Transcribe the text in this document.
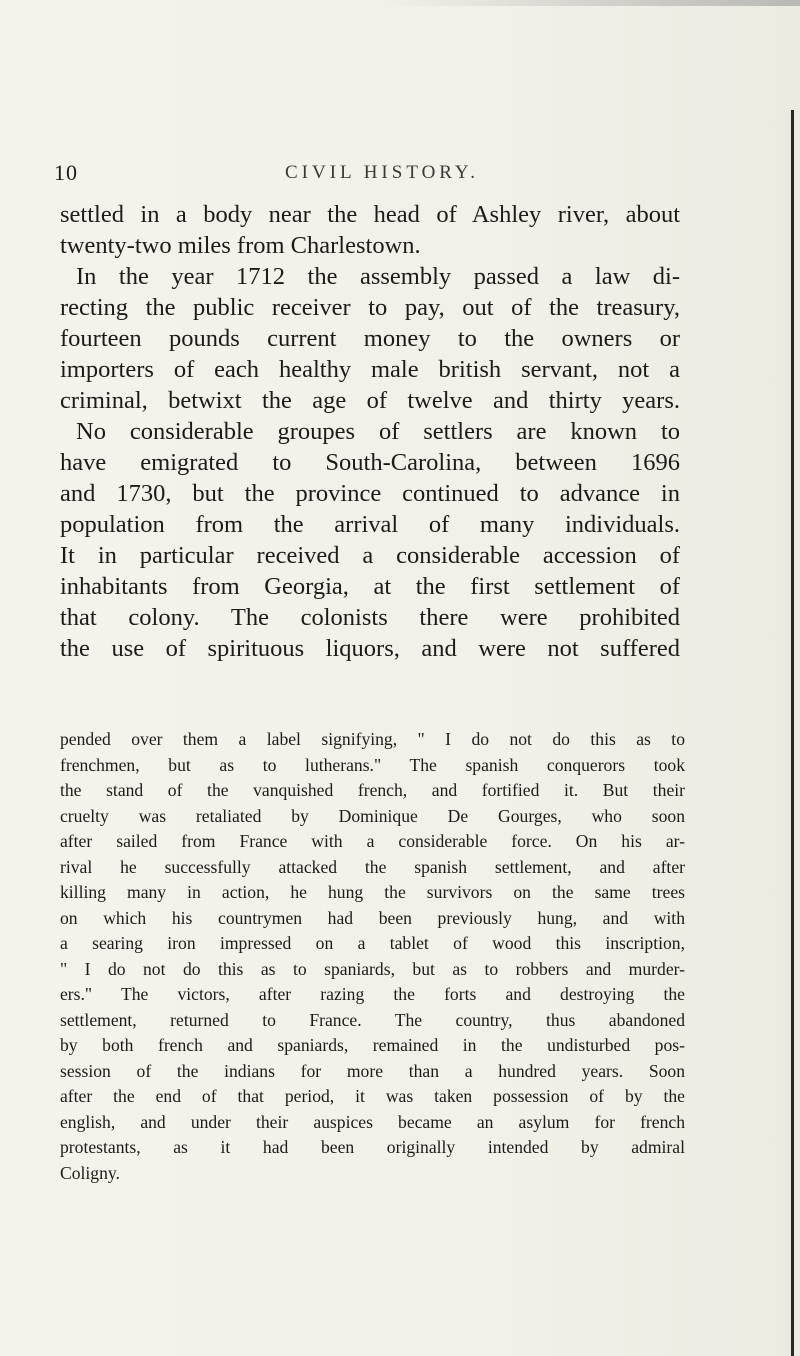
10	CIVIL HISTORY.
settled in a body near the head of Ashley river, about
twenty-two miles from Charlestown.
In the year 1712 the assembly passed a law di-
recting the public receiver to pay, out of the treasury,
fourteen pounds current money to the owners or
importers of each healthy male british servant, not a
criminal, betwixt the age of twelve and thirty years.
No considerable groupes of settlers are known to
have emigrated to South-Carolina, between 1696
and 1730, but the province continued to advance in
population from the arrival of many individuals.
It in particular received a considerable accession of
inhabitants from Georgia, at the first settlement of
that colony. The colonists there were prohibited
the use of spirituous liquors, and were not suffered
pended over them a label signifying, " I do not do this as to
frenchmen, but as to lutherans." The spanish conquerors took
the stand of the vanquished french, and fortified it. But their
cruelty was retaliated by Dominique De Gourges, who soon
after sailed from France with a considerable force. On his ar-
rival he successfully attacked the spanish settlement, and after
killing many in action, he hung the survivors on the same trees
on which his countrymen had been previously hung, and with
a searing iron impressed on a tablet of wood this inscription,
" I do not do this as to spaniards, but as to robbers and murder-
ers." The victors, after razing the forts and destroying the
settlement, returned to France. The country, thus abandoned
by both french and spaniards, remained in the undisturbed pos-
session of the indians for more than a hundred years. Soon
after the end of that period, it was taken possession of by the
english, and under their auspices became an asylum for french
protestants, as it had been originally intended by admiral
Coligny.
